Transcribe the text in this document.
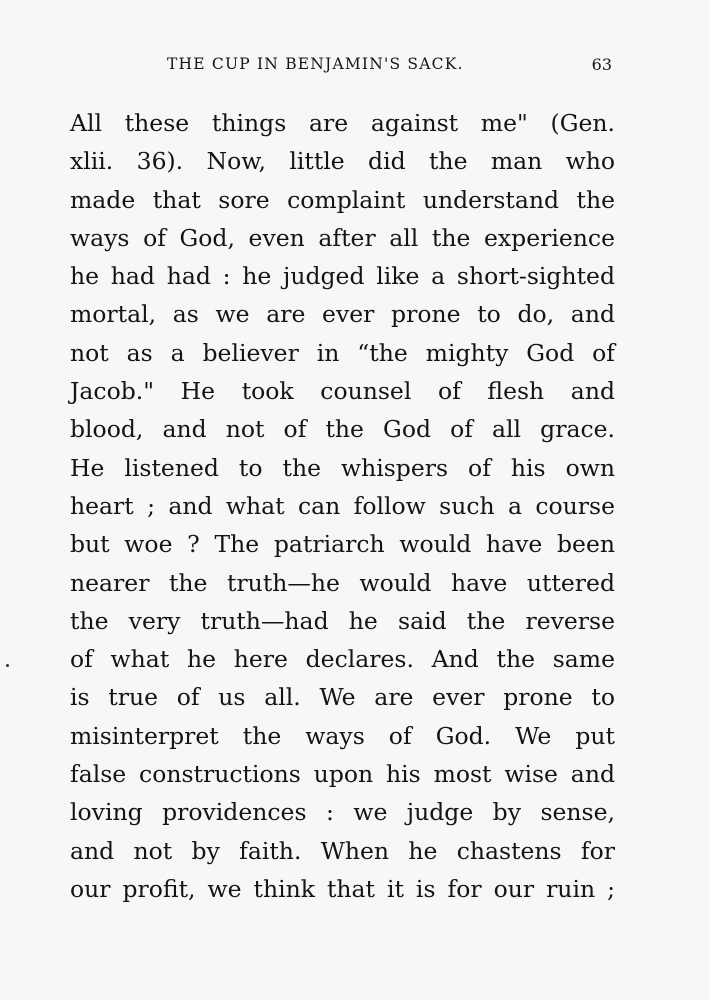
THE CUP IN BENJAMIN'S SACK.	63
All these things are against me" (Gen.
xlii. 36). Now, little did the man who
made that sore complaint understand the
ways of God, even after all the experience
he had had : he judged like a short-sighted
mortal, as we are ever prone to do, and
not as a believer in “the mighty God of
Jacob." He took counsel of flesh and
blood, and not of the God of all grace.
He listened to the whispers of his own
heart ; and what can follow such a course
but woe ? The patriarch would have been
nearer the truth—he would have uttered
the very truth—had he said the reverse
of what he here declares. And the same
is true of us all. We are ever prone to
misinterpret the ways of God. We put
false constructions upon his most wise and
loving providences : we judge by sense,
and not by faith. When he chastens for
our profit, we think that it is for our ruin ;
